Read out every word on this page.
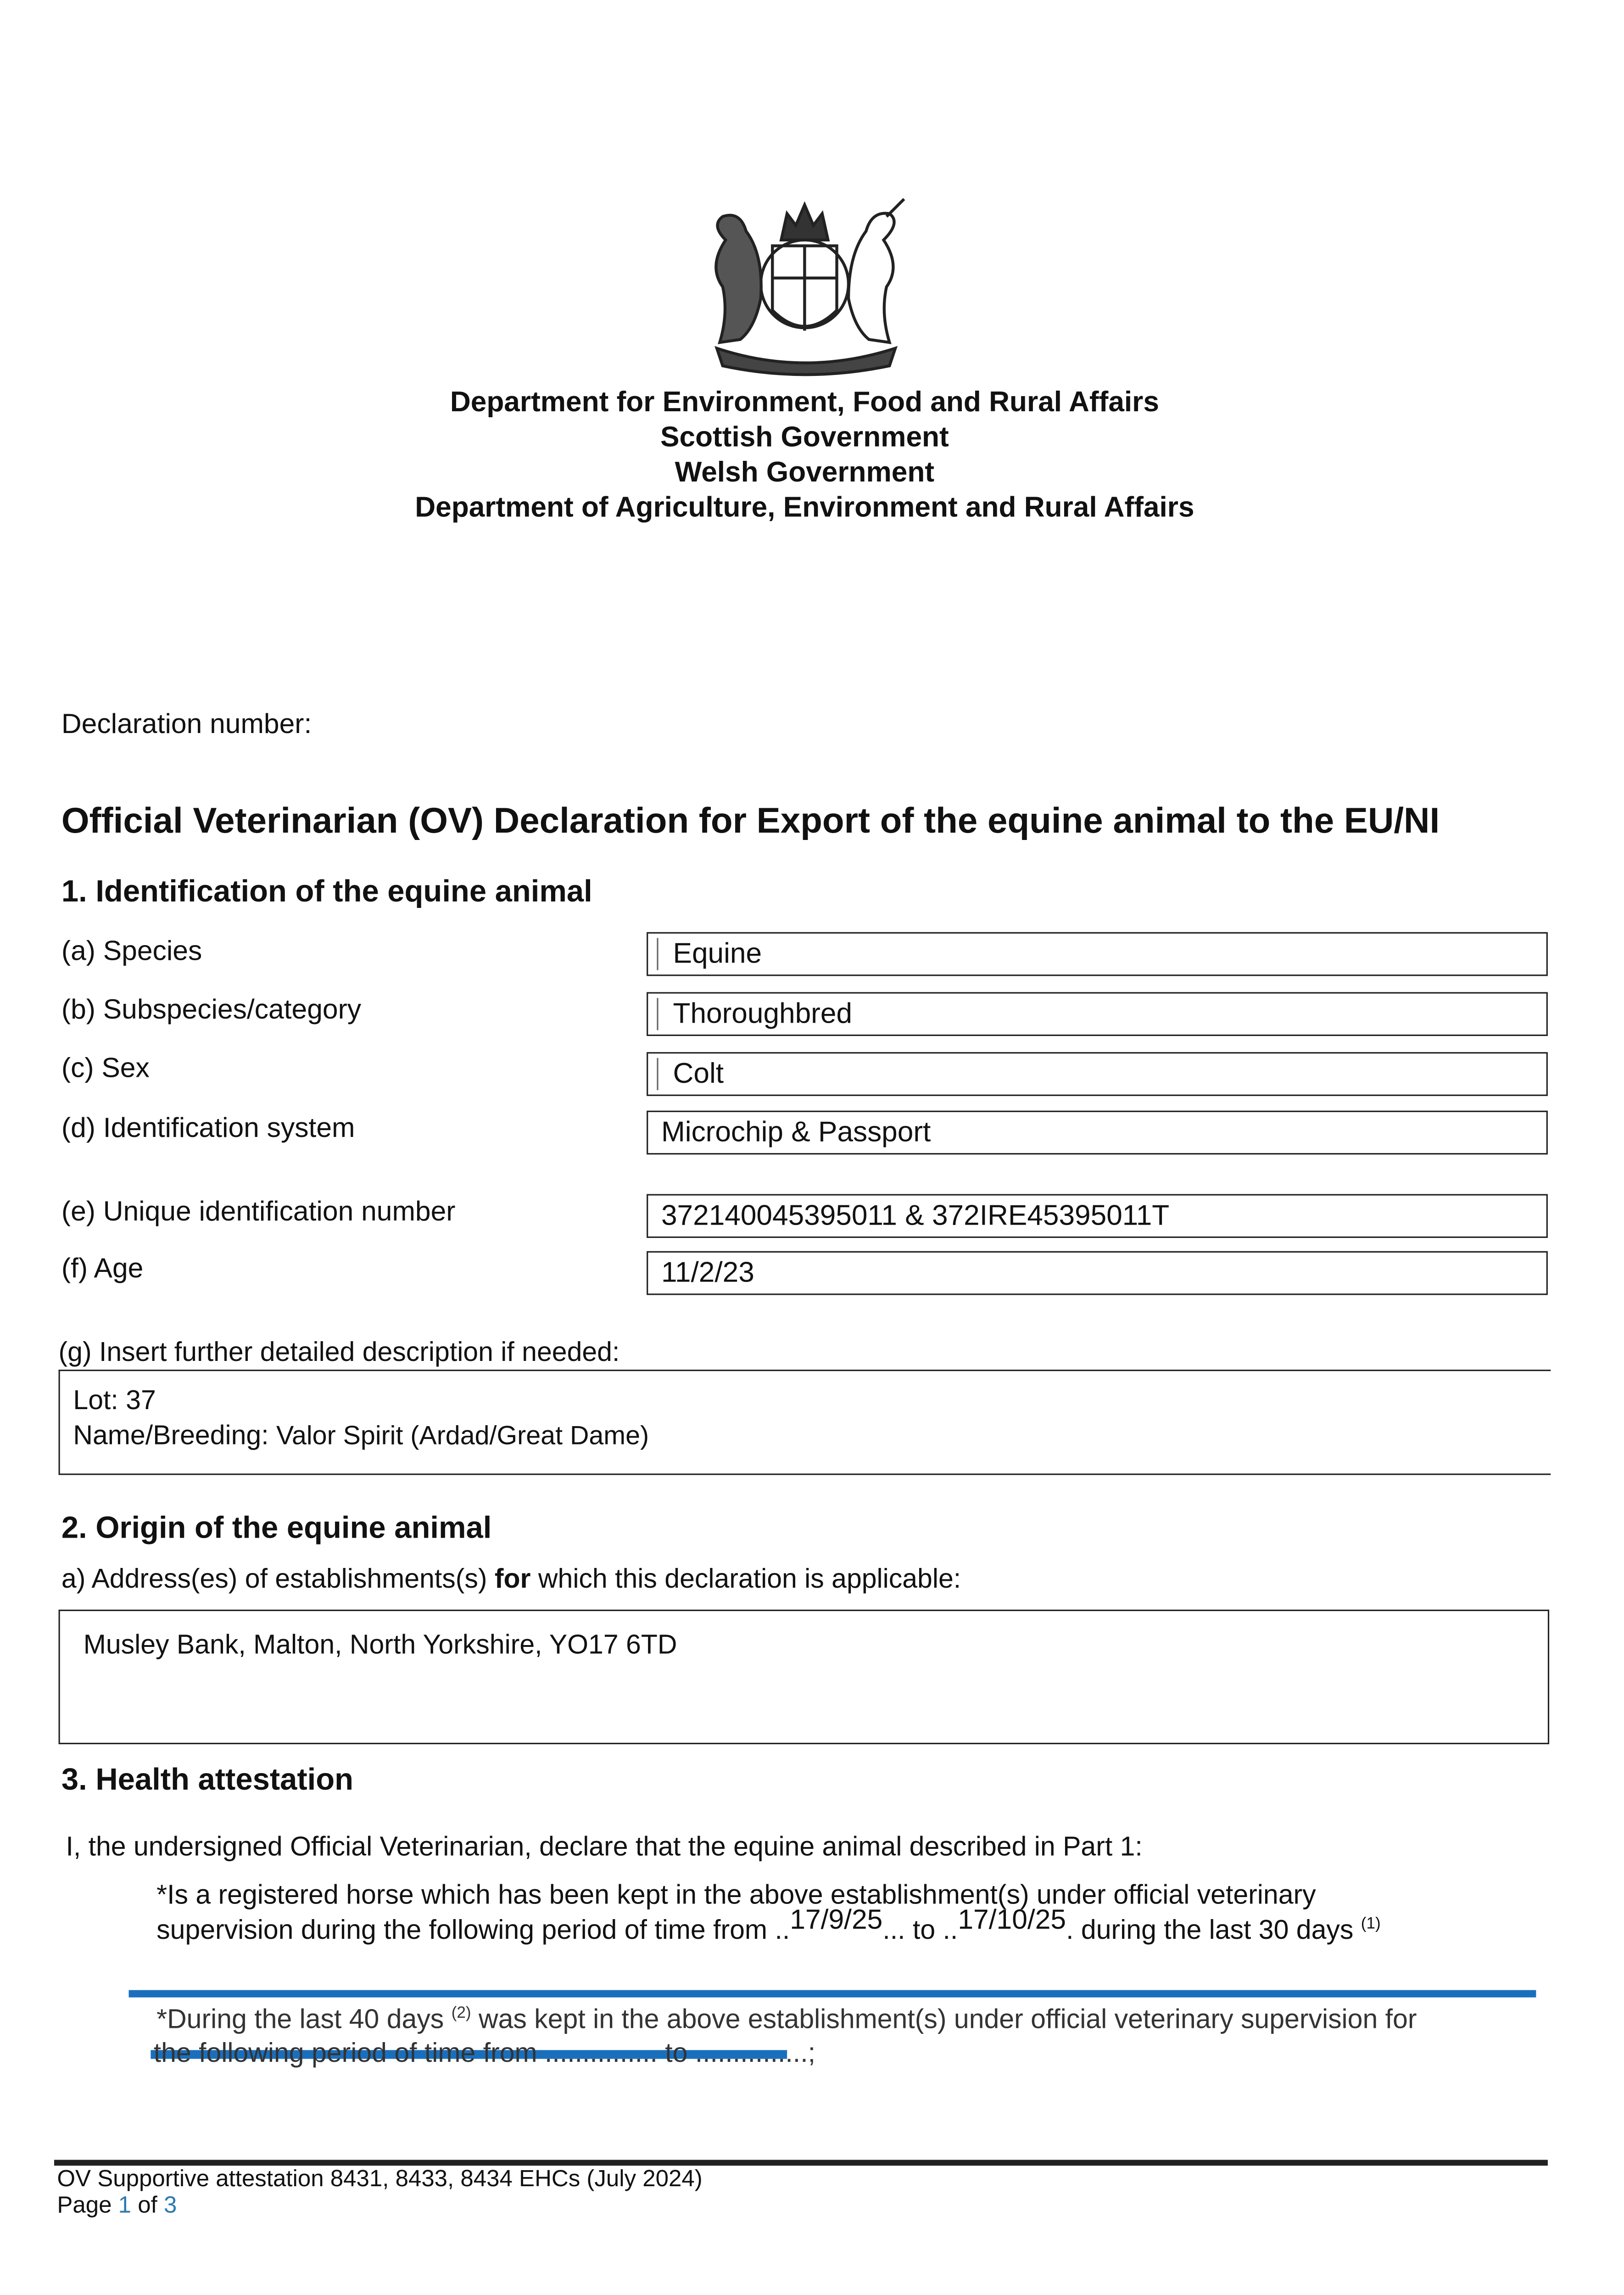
Department for Environment, Food and Rural Affairs
Scottish Government
Welsh Government
Department of Agriculture, Environment and Rural Affairs
Declaration number:
Official Veterinarian (OV) Declaration for Export of the equine animal to the EU/NI
1. Identification of the equine animal
(a) Species	Equine
(b) Subspecies/category	Thoroughbred
(c) Sex	Colt
(d) Identification system	Microchip & Passport
(e) Unique identification number	372140045395011 & 372IRE45395011T
(f) Age	11/2/23
(g) Insert further detailed description if needed:
Lot: 37
Name/Breeding: Valor Spirit (Ardad/Great Dame)
2. Origin of the equine animal
a) Address(es) of establishments(s) for which this declaration is applicable:
Musley Bank, Malton, North Yorkshire, YO17 6TD
3. Health attestation
I, the undersigned Official Veterinarian, declare that the equine animal described in Part 1:
*Is a registered horse which has been kept in the above establishment(s) under official veterinary
supervision during the following period of time from ..17/9/25... to ..17/10/25. during the last 30 days $^{(1)}$
*During the last 40 days $^{(2)}$ was kept in the above establishment(s) under official veterinary supervision for
the following period of time from ............... to ...............;
OV Supportive attestation 8431, 8433, 8434 EHCs (July 2024)
Page 1 of 3
